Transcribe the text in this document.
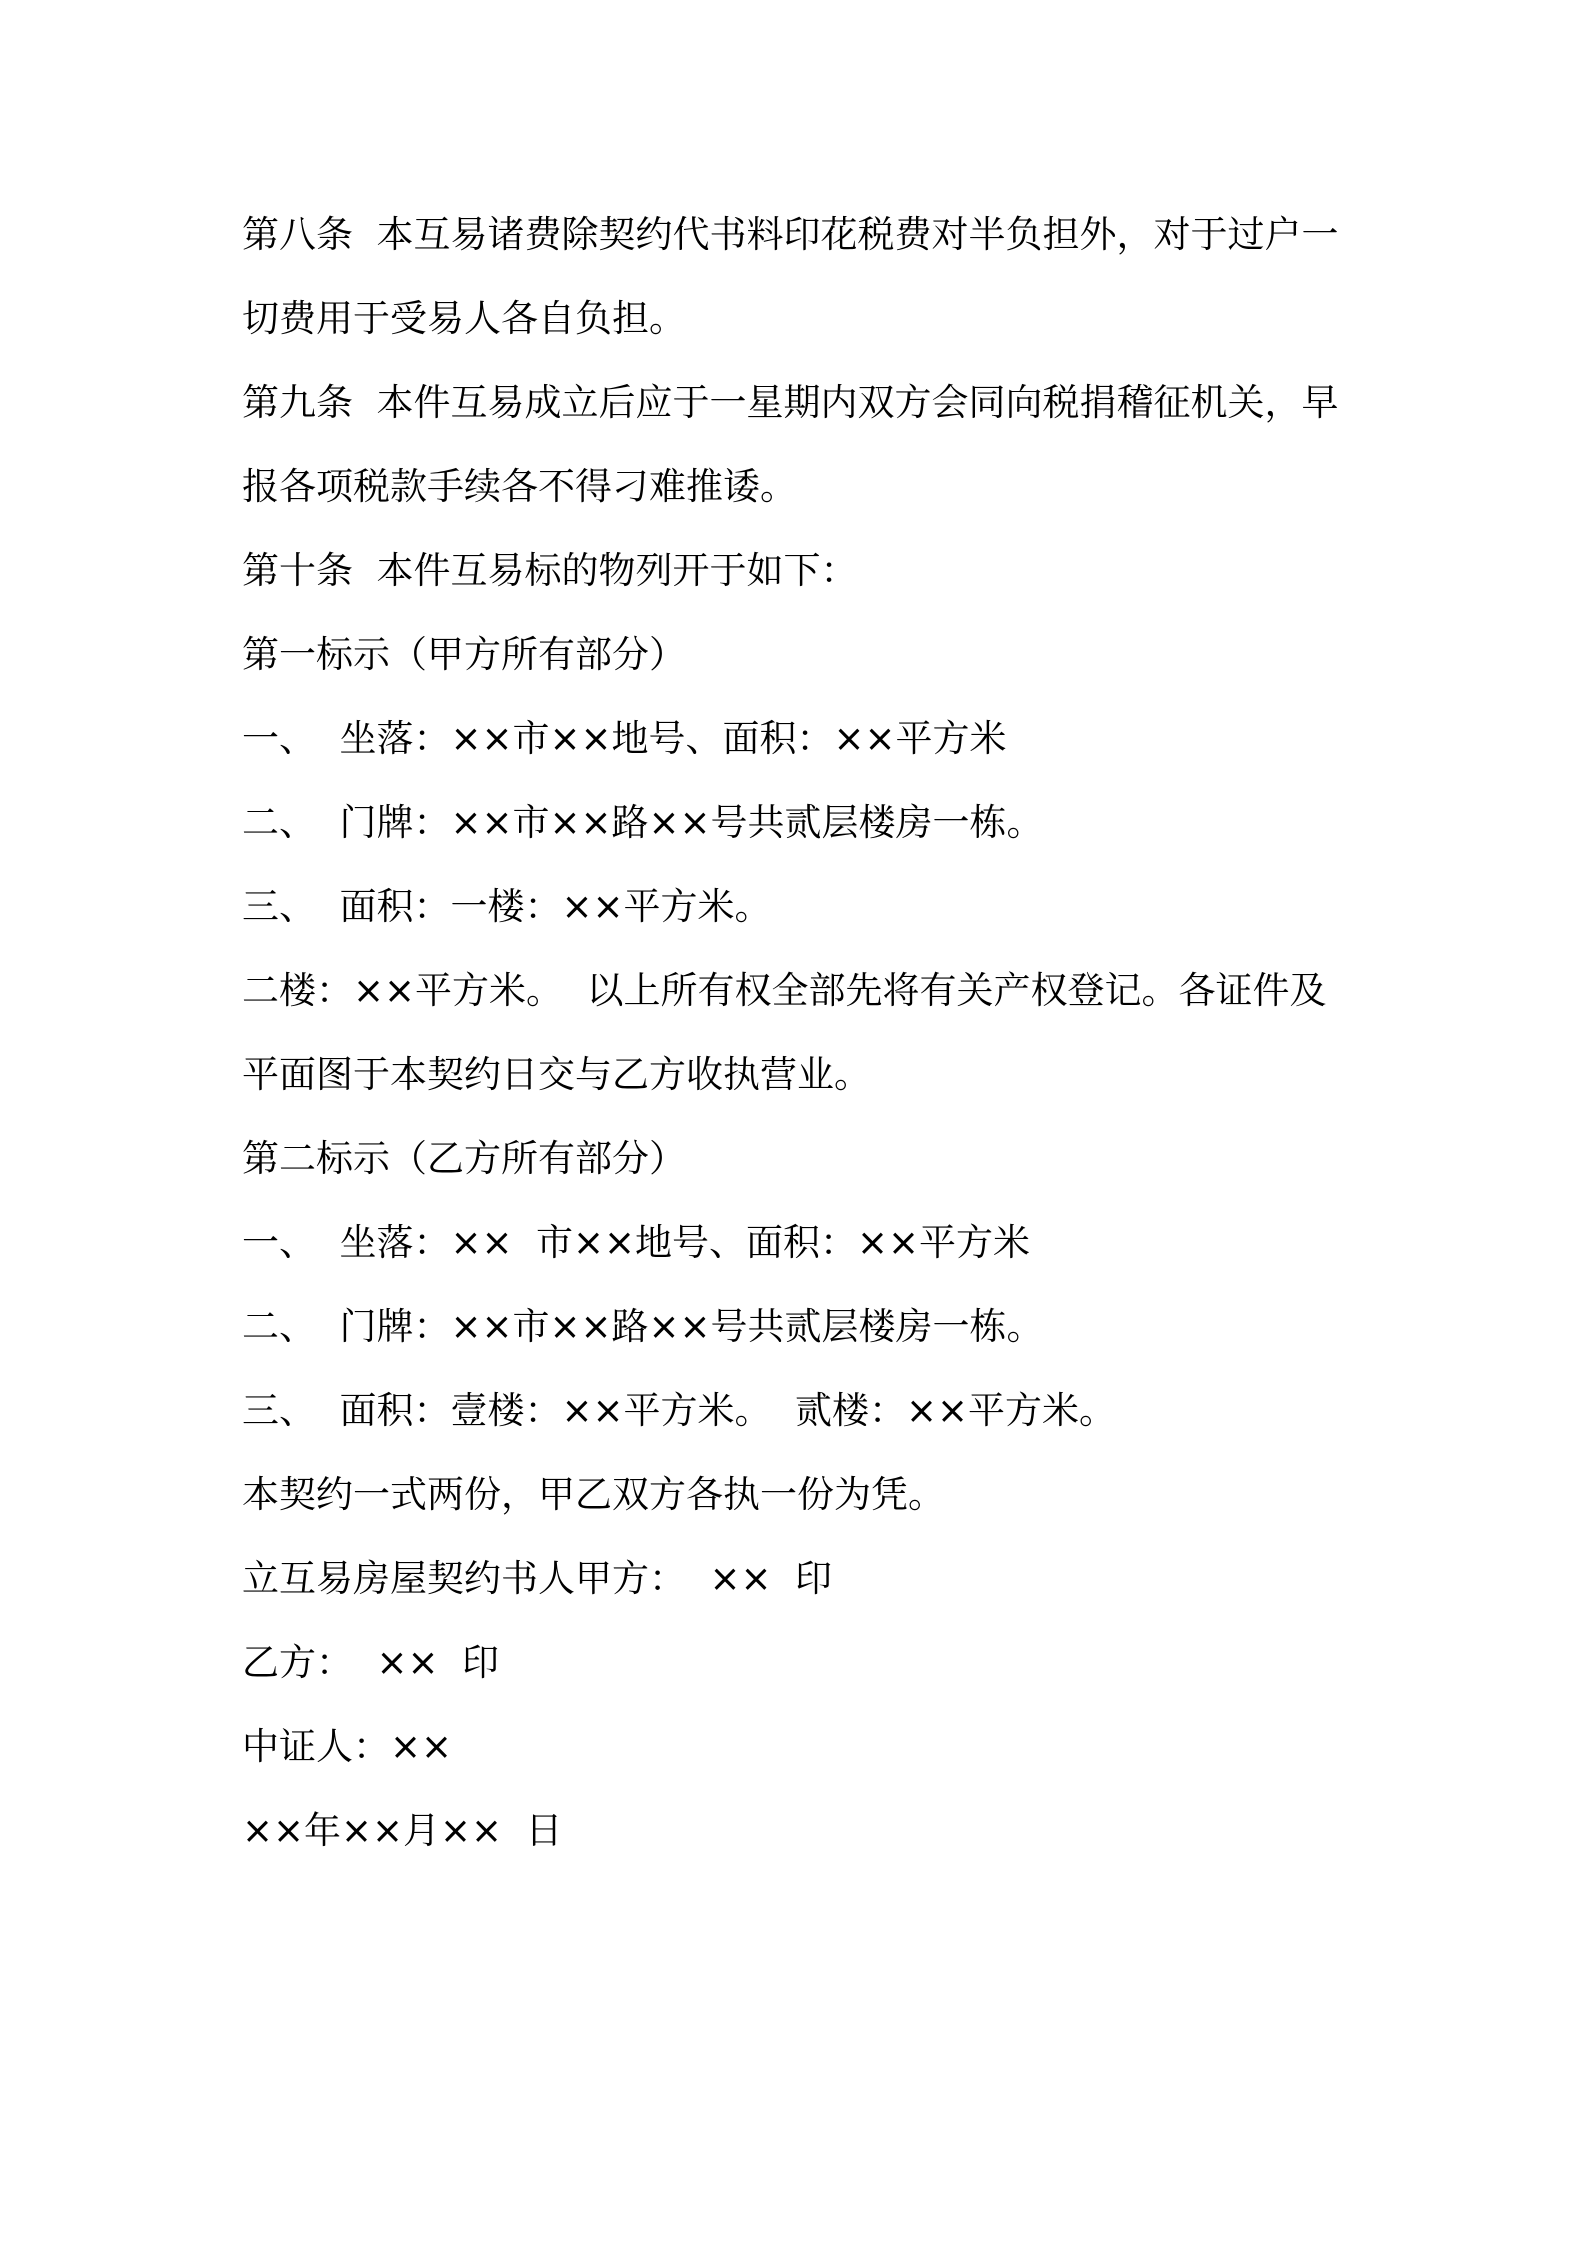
第八条  本互易诸费除契约代书料印花税费对半负担外，对于过户一
切费用于受易人各自负担。
第九条  本件互易成立后应于一星期内双方会同向税捐稽征机关，早
报各项税款手续各不得刁难推诿。
第十条  本件互易标的物列开于如下：
第一标示（甲方所有部分）
一、  坐落：××市××地号、面积：××平方米
二、  门牌：××市××路××号共贰层楼房一栋。
三、  面积：一楼：××平方米。
二楼：××平方米。  以上所有权全部先将有关产权登记。各证件及
平面图于本契约日交与乙方收执营业。
第二标示（乙方所有部分）
一、  坐落：××  市××地号、面积：××平方米
二、  门牌：××市××路××号共贰层楼房一栋。
三、  面积：壹楼：××平方米。  贰楼：××平方米。
本契约一式两份，甲乙双方各执一份为凭。
立互易房屋契约书人甲方：  ××  印
乙方：  ××  印
中证人：××
××年××月××  日
